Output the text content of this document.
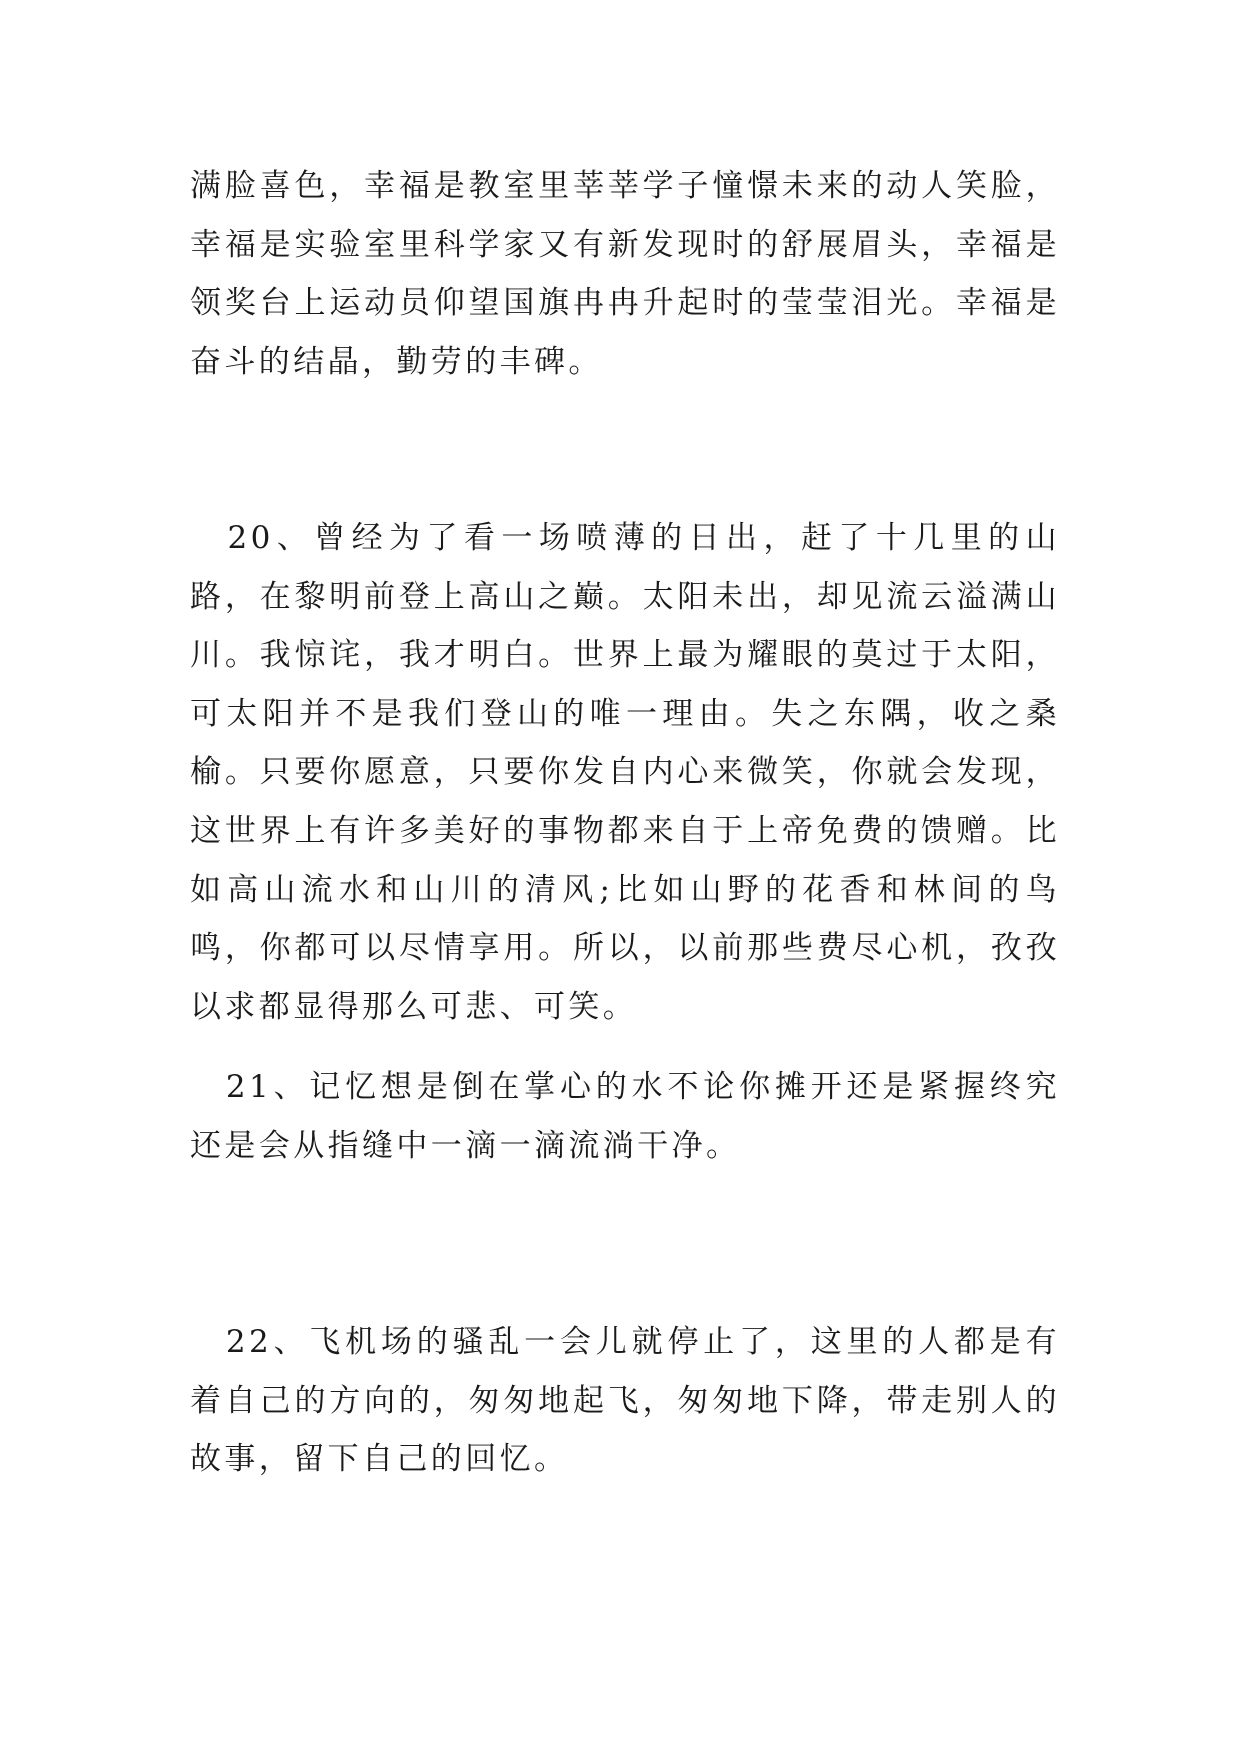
满脸喜色，幸福是教室里莘莘学子憧憬未来的动人笑脸，幸福是实验室里科学家又有新发现时的舒展眉头，幸福是领奖台上运动员仰望国旗冉冉升起时的莹莹泪光。幸福是奋斗的结晶，勤劳的丰碑。

　20、曾经为了看一场喷薄的日出，赶了十几里的山路，在黎明前登上高山之巅。太阳未出，却见流云溢满山川。我惊诧，我才明白。世界上最为耀眼的莫过于太阳，可太阳并不是我们登山的唯一理由。失之东隅，收之桑榆。只要你愿意，只要你发自内心来微笑，你就会发现，这世界上有许多美好的事物都来自于上帝免费的馈赠。比如高山流水和山川的清风;比如山野的花香和林间的鸟鸣，你都可以尽情享用。所以，以前那些费尽心机，孜孜以求都显得那么可悲、可笑。

　21、记忆想是倒在掌心的水不论你摊开还是紧握终究还是会从指缝中一滴一滴流淌干净。

　22、飞机场的骚乱一会儿就停止了，这里的人都是有着自己的方向的，匆匆地起飞，匆匆地下降，带走别人的故事，留下自己的回忆。
